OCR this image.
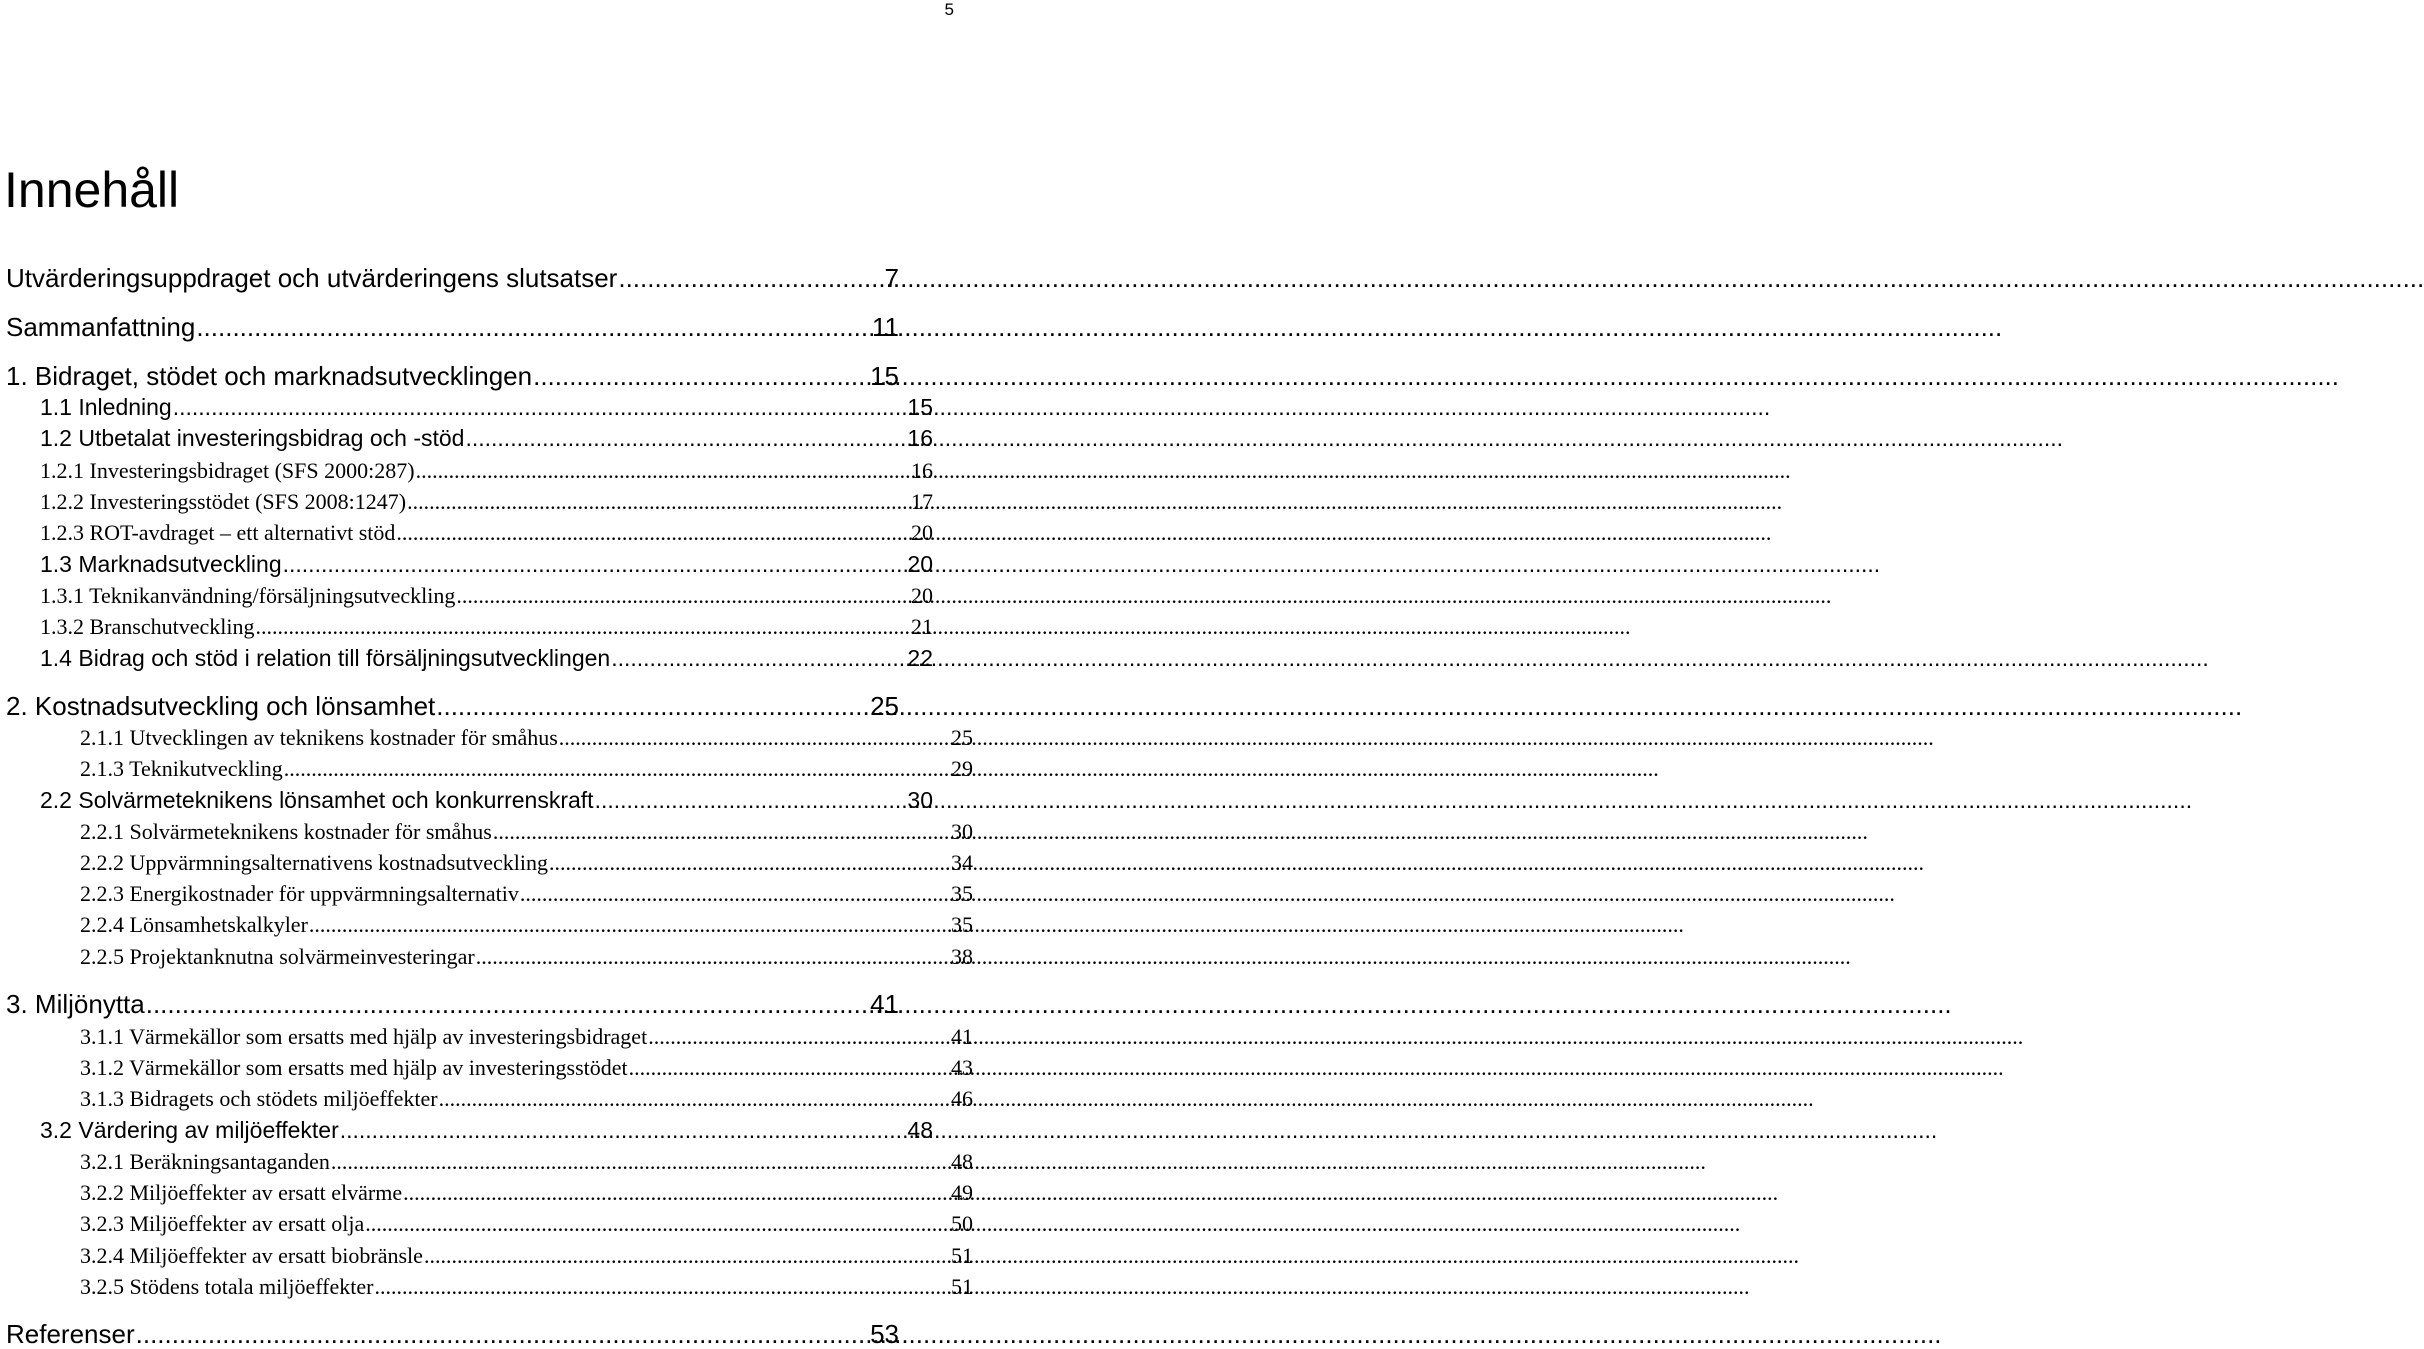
5
Innehåll
Utvärderingsuppdraget och utvärderingens slutsatser .....	7
Sammanfattning .....	11
1. Bidraget, stödet och marknadsutvecklingen .....	15
1.1 Inledning .....	15
1.2 Utbetalat investeringsbidrag och -stöd .....	16
1.2.1 Investeringsbidraget (SFS 2000:287) .....	16
1.2.2 Investeringsstödet (SFS 2008:1247) .....	17
1.2.3 ROT-avdraget – ett alternativt stöd .....	20
1.3 Marknadsutveckling .....	20
1.3.1 Teknikanvändning/försäljningsutveckling .....	20
1.3.2 Branschutveckling .....	21
1.4 Bidrag och stöd i relation till försäljningsutvecklingen .....	22
2. Kostnadsutveckling och lönsamhet .....	25
2.1.1 Utvecklingen av teknikens kostnader för småhus .....	25
2.1.3 Teknikutveckling .....	29
2.2 Solvärmeteknikens lönsamhet och konkurrenskraft .....	30
2.2.1 Solvärmeteknikens kostnader för småhus .....	30
2.2.2 Uppvärmningsalternativens kostnadsutveckling .....	34
2.2.3 Energikostnader för uppvärmningsalternativ .....	35
2.2.4 Lönsamhetskalkyler .....	35
2.2.5 Projektanknutna solvärmeinvesteringar .....	38
3. Miljönytta .....	41
3.1.1 Värmekällor som ersatts med hjälp av investeringsbidraget .....	41
3.1.2 Värmekällor som ersatts med hjälp av investeringsstödet .....	43
3.1.3 Bidragets och stödets miljöeffekter .....	46
3.2 Värdering av miljöeffekter .....	48
3.2.1 Beräkningsantaganden .....	48
3.2.2 Miljöeffekter av ersatt elvärme .....	49
3.2.3 Miljöeffekter av ersatt olja .....	50
3.2.4 Miljöeffekter av ersatt biobränsle .....	51
3.2.5 Stödens totala miljöeffekter .....	51
Referenser .....	53
